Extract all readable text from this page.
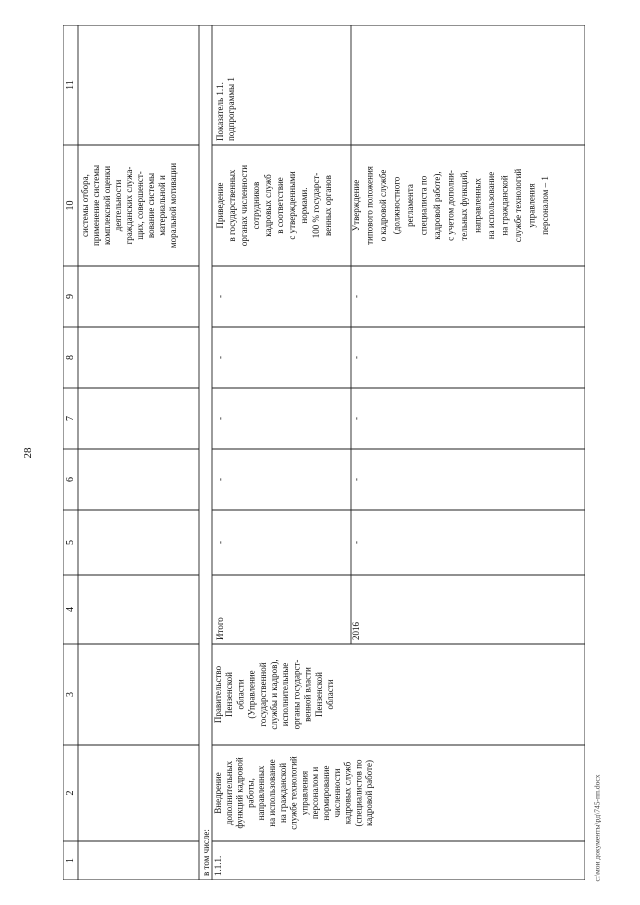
28
c:\мои документы\рд\745-пп.docx
1
2
3
4
5
6
7
8
9
10
11
системы отбора, применение системы комплексной оценки деятельности гражданских служа- щих, совершенст- вование системы материальной и моральной мотивации
в том числе: 1.1.1.
Внедрение дополнительных функций кадровой работы, направленных на использование на гражданской службе технологий управления персоналом и нормирование численности кадровых служб (специалистов по кадровой работе)
Правительство Пензенской области (Управление государственной службы и кадров), исполнительные органы государст- венной власти Пензенской области
Итого
-
-
-
-
-
Приведение в государственных органах численности сотрудников кадровых служб в соответствие с утвержденными нормами. 100 % государст- венных органов
Показатель 1.1. подпрограммы 1
2016
-
-
-
-
-
Утверждение типового положения о кадровой службе (должностного регламента специалиста по кадровой работе), с учетом дополни- тельных функций, направленных на использование на гражданской службе технологий управления персоналом – 1
